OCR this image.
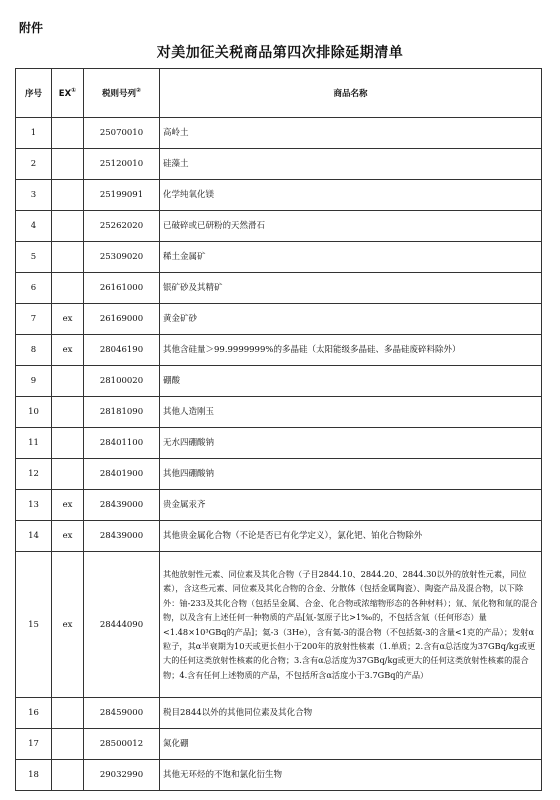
附件
对美加征关税商品第四次排除延期清单
序号	EX①	税则号列②	商品名称
1		25070010	高岭土
2		25120010	硅藻土
3		25199091	化学纯氧化镁
4		25262020	已破碎或已研粉的天然滑石
5		25309020	稀土金属矿
6		26161000	银矿砂及其精矿
7	ex	26169000	黄金矿砂
8	ex	28046190	其他含硅量＞99.9999999%的多晶硅（太阳能级多晶硅、多晶硅废碎料除外）
9		28100020	硼酸
10		28181090	其他人造刚玉
11		28401100	无水四硼酸钠
12		28401900	其他四硼酸钠
13	ex	28439000	贵金属汞齐
14	ex	28439000	其他贵金属化合物（不论是否已有化学定义），氯化钯、铂化合物除外
15	ex	28444090	其他放射性元素、同位素及其化合物（子目2844.10、2844.20、2844.30以外的放射性元素，同位素），含这些元素、同位素及其化合物的合金、分散体（包括金属陶瓷）、陶瓷产品及混合物，以下除外：铀-233及其化合物（包括呈金属、合金、化合物或浓缩物形态的各种材料）；氚、氚化物和氚的混合物，以及含有上述任何一种物质的产品[氚-氢原子比>1‰的，不包括含氚（任何形态）量<1.48×10³GBq的产品]；氦-3（3He），含有氦-3的混合物（不包括氦-3的含量<1克的产品）；发射α粒子，其α半衰期为10天或更长但小于200年的放射性核素（1.单质；2.含有α总活度为37GBq/kg或更大的任何这类放射性核素的化合物；3.含有α总活度为37GBq/kg或更大的任何这类放射性核素的混合物；4.含有任何上述物质的产品，不包括所含α活度小于3.7GBq的产品）
16		28459000	税目2844以外的其他同位素及其化合物
17		28500012	氮化硼
18		29032990	其他无环烃的不饱和氯化衍生物
